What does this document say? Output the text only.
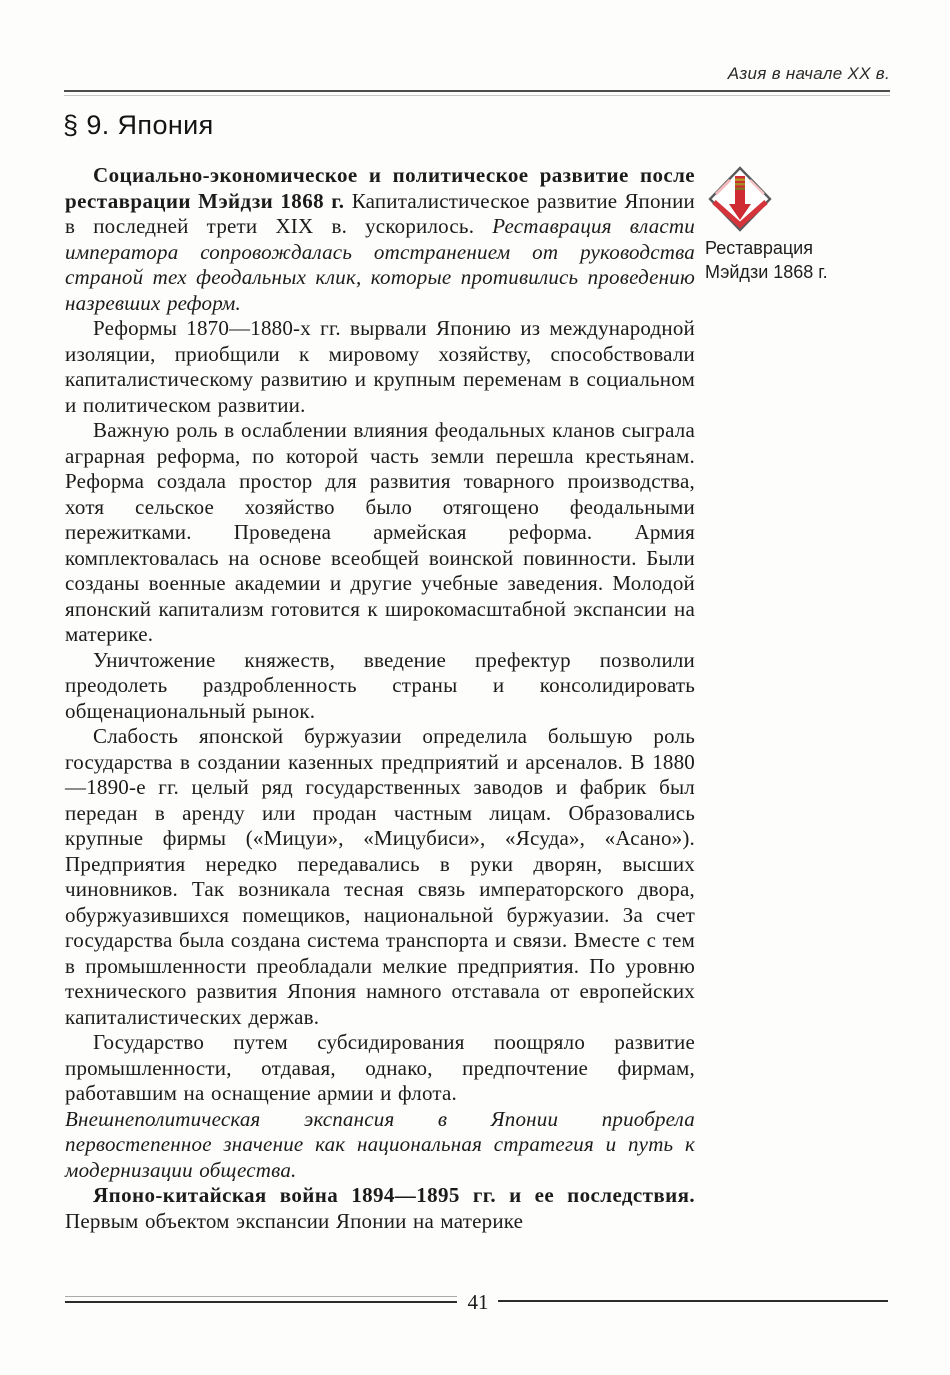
Азия в начале XX в.
§ 9. Япония

Социально-экономическое и политическое развитие после реставрации Мэйдзи 1868 г. Капиталистическое развитие Японии в последней трети XIX в. ускорилось. Реставрация власти императора сопровождалась отстранением от руководства страной тех феодальных клик, которые противились проведению назревших реформ.

Реформы 1870—1880-х гг. вырвали Японию из международной изоляции, приобщили к мировому хозяйству, способствовали капиталистическому развитию и крупным переменам в социальном и политическом развитии.

Важную роль в ослаблении влияния феодальных кланов сыграла аграрная реформа, по которой часть земли перешла крестьянам. Реформа создала простор для развития товарного производства, хотя сельское хозяйство было отягощено феодальными пережитками. Проведена армейская реформа. Армия комплектовалась на основе всеобщей воинской повинности. Были созданы военные академии и другие учебные заведения. Молодой японский капитализм готовится к широкомасштабной экспансии на материке.

Уничтожение княжеств, введение префектур позволили преодолеть раздробленность страны и консолидировать общенациональный рынок.

Слабость японской буржуазии определила большую роль государства в создании казенных предприятий и арсеналов. В 1880—1890-е гг. целый ряд государственных заводов и фабрик был передан в аренду или продан частным лицам. Образовались крупные фирмы («Мицуи», «Мицубиси», «Ясуда», «Асано»). Предприятия нередко передавались в руки дворян, высших чиновников. Так возникала тесная связь императорского двора, обуржуазившихся помещиков, национальной буржуазии. За счет государства была создана система транспорта и связи. Вместе с тем в промышленности преобладали мелкие предприятия. По уровню технического развития Япония намного отставала от европейских капиталистических держав.

Государство путем субсидирования поощряло развитие промышленности, отдавая, однако, предпочтение фирмам, работавшим на оснащение армии и флота.

Внешнеполитическая экспансия в Японии приобрела первостепенное значение как национальная стратегия и путь к модернизации общества.

Японо-китайская война 1894—1895 гг. и ее последствия. Первым объектом экспансии Японии на материке

Реставрация Мэйдзи 1868 г.
41
